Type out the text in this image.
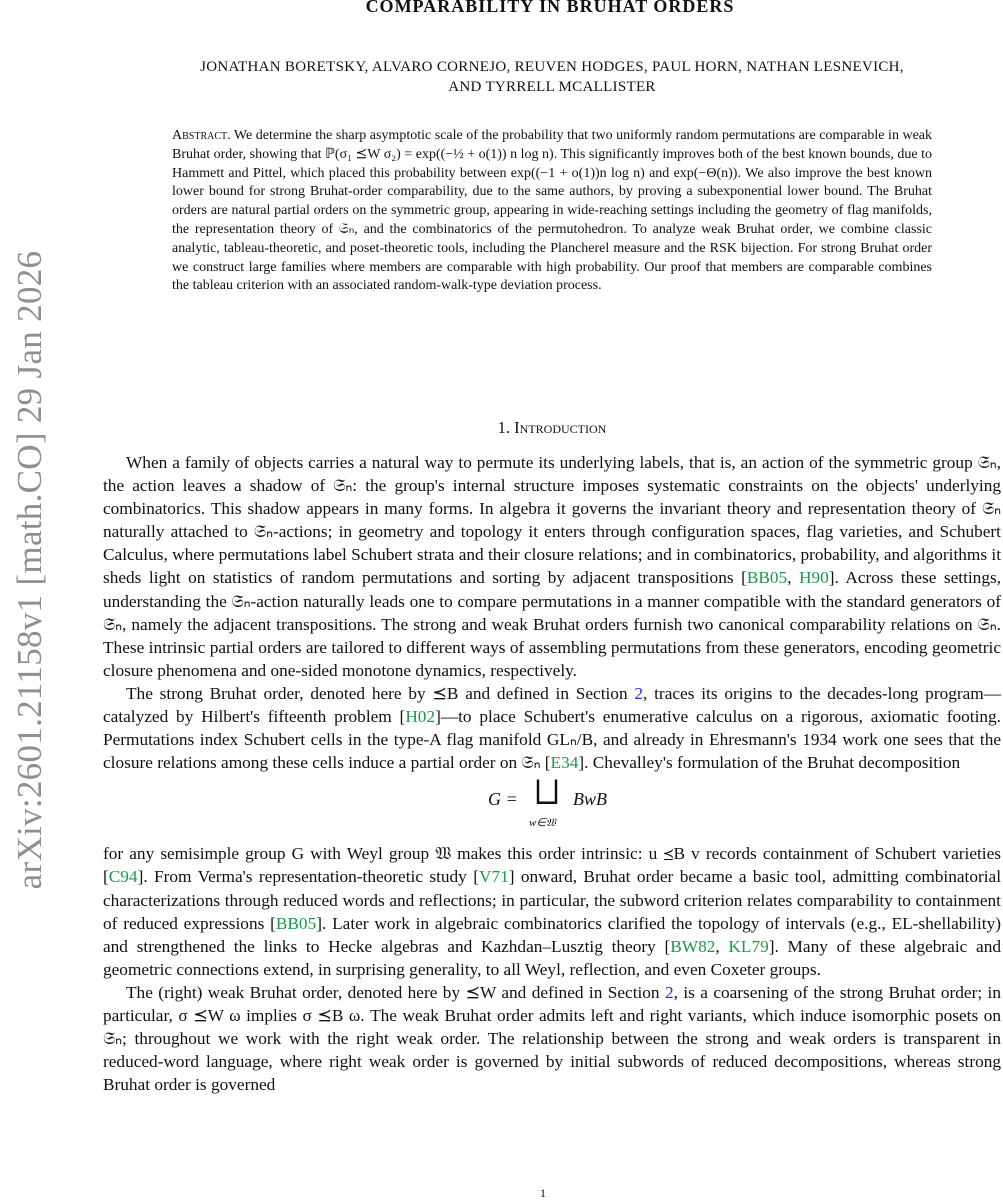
arXiv:2601.21158v1 [math.CO] 29 Jan 2026
COMPARABILITY IN BRUHAT ORDERS
JONATHAN BORETSKY, ALVARO CORNEJO, REUVEN HODGES, PAUL HORN, NATHAN LESNEVICH,
AND TYRRELL MCALLISTER
Abstract. We determine the sharp asymptotic scale of the probability that two uniformly random permutations are comparable in weak Bruhat order, showing that ℙ(σ₁ ⪯W σ₂) = exp((−½ + o(1)) n log n). This significantly improves both of the best known bounds, due to Hammett and Pittel, which placed this probability between exp((−1 + o(1))n log n) and exp(−Θ(n)). We also improve the best known lower bound for strong Bruhat-order comparability, due to the same authors, by proving a subexponential lower bound. The Bruhat orders are natural partial orders on the symmetric group, appearing in wide-reaching settings including the geometry of flag manifolds, the representation theory of 𝔖ₙ, and the combinatorics of the permutohedron. To analyze weak Bruhat order, we combine classic analytic, tableau-theoretic, and poset-theoretic tools, including the Plancherel measure and the RSK bijection. For strong Bruhat order we construct large families where members are comparable with high probability. Our proof that members are comparable combines the tableau criterion with an associated random-walk-type deviation process.
1. Introduction

When a family of objects carries a natural way to permute its underlying labels, that is, an action of the symmetric group 𝔖ₙ, the action leaves a shadow of 𝔖ₙ: the group's internal structure imposes systematic constraints on the objects' underlying combinatorics. This shadow appears in many forms. In algebra it governs the invariant theory and representation theory of 𝔖ₙ naturally attached to 𝔖ₙ-actions; in geometry and topology it enters through configuration spaces, flag varieties, and Schubert Calculus, where permutations label Schubert strata and their closure relations; and in combinatorics, probability, and algorithms it sheds light on statistics of random permutations and sorting by adjacent transpositions [BB05, H90]. Across these settings, understanding the 𝔖ₙ-action naturally leads one to compare permutations in a manner compatible with the standard generators of 𝔖ₙ, namely the adjacent transpositions. The strong and weak Bruhat orders furnish two canonical comparability relations on 𝔖ₙ. These intrinsic partial orders are tailored to different ways of assembling permutations from these generators, encoding geometric closure phenomena and one-sided monotone dynamics, respectively.

The strong Bruhat order, denoted here by ⪯B and defined in Section 2, traces its origins to the decades-long program—catalyzed by Hilbert's fifteenth problem [H02]—to place Schubert's enumerative calculus on a rigorous, axiomatic footing. Permutations index Schubert cells in the type-A flag manifold GLₙ/B, and already in Ehresmann's 1934 work one sees that the closure relations among these cells induce a partial order on 𝔖ₙ [E34]. Chevalley's formulation of the Bruhat decomposition

G = ⨆
w∈𝔚
BwB

for any semisimple group G with Weyl group 𝔚 makes this order intrinsic: u ⪯B v records containment of Schubert varieties [C94]. From Verma's representation-theoretic study [V71] onward, Bruhat order became a basic tool, admitting combinatorial characterizations through reduced words and reflections; in particular, the subword criterion relates comparability to containment of reduced expressions [BB05]. Later work in algebraic combinatorics clarified the topology of intervals (e.g., EL-shellability) and strengthened the links to Hecke algebras and Kazhdan–Lusztig theory [BW82, KL79]. Many of these algebraic and geometric connections extend, in surprising generality, to all Weyl, reflection, and even Coxeter groups.

The (right) weak Bruhat order, denoted here by ⪯W and defined in Section 2, is a coarsening of the strong Bruhat order; in particular, σ ⪯W ω implies σ ⪯B ω. The weak Bruhat order admits left and right variants, which induce isomorphic posets on 𝔖ₙ; throughout we work with the right weak order. The relationship between the strong and weak orders is transparent in reduced-word language, where right weak order is governed by initial subwords of reduced decompositions, whereas strong Bruhat order is governed

1
